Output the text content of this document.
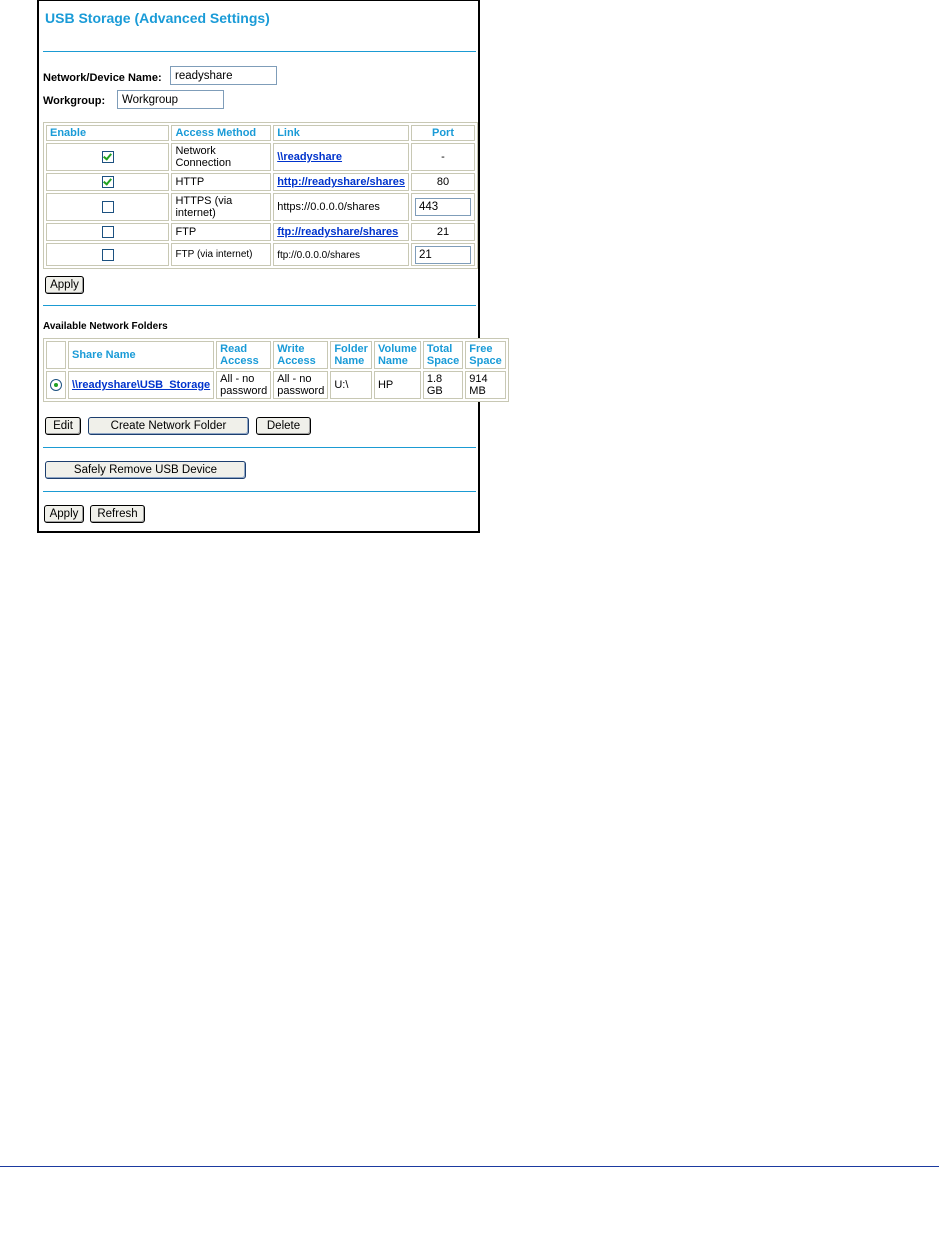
USB Storage (Advanced Settings)
Network/Device Name:
readyshare
Workgroup:
Workgroup
Enable	Access Method	Link	Port
	Network Connection	\\readyshare	-
	HTTP	http://readyshare/shares	80
	HTTPS (via internet)	https://0.0.0.0/shares	443
	FTP	ftp://readyshare/shares	21
	FTP (via internet)	ftp://0.0.0.0/shares	21
Apply
Available Network Folders
	Share Name	Read Access	Write Access	Folder Name	Volume Name	Total Space	Free Space
	\\readyshare\USB_Storage	All - no password	All - no password	U:\	HP	1.8 GB	914 MB
Edit	Create Network Folder	Delete
Safely Remove USB Device
Apply	Refresh
